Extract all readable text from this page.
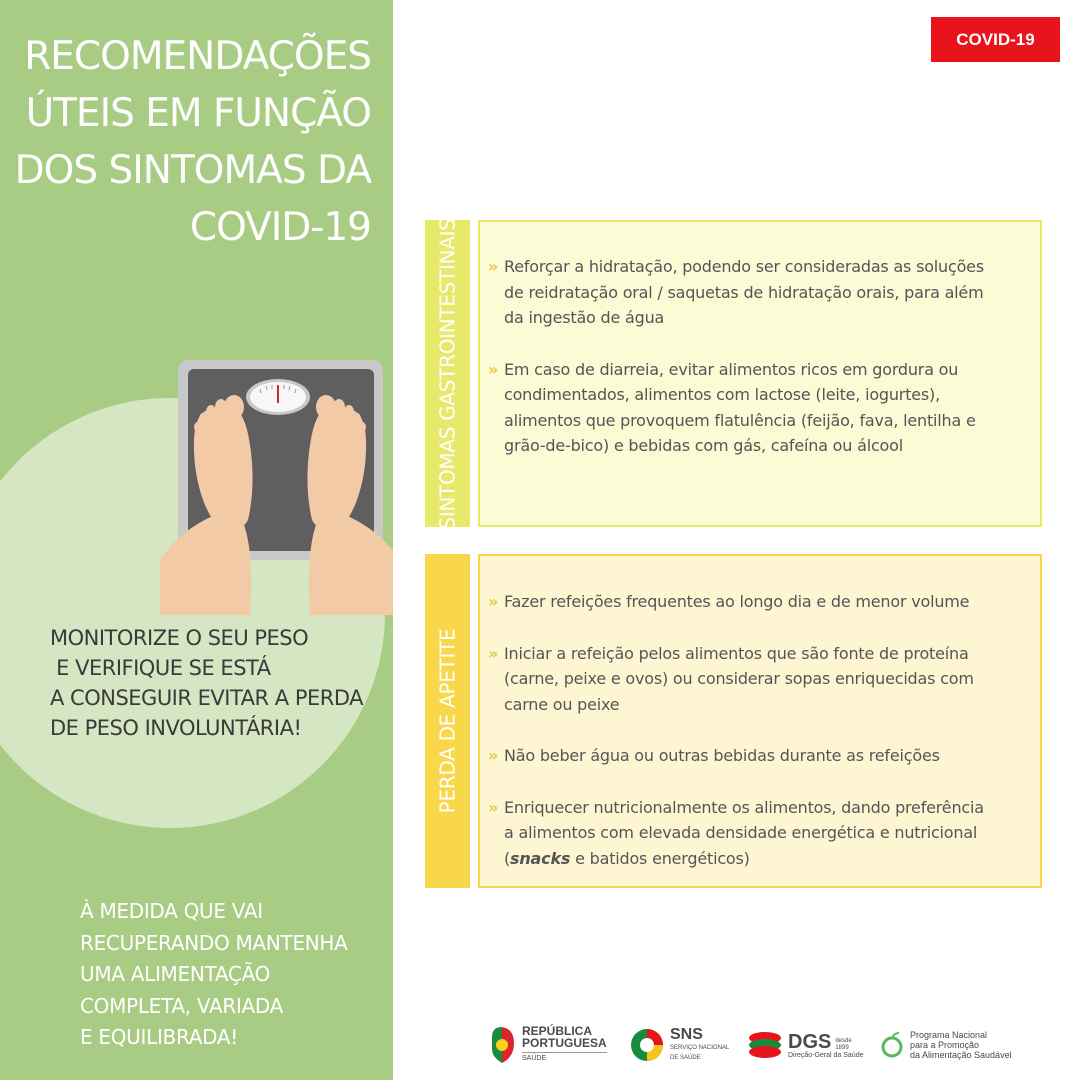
RECOMENDAÇÕES
ÚTEIS EM FUNÇÃO
DOS SINTOMAS DA
COVID-19
MONITORIZE O SEU PESO
E VERIFIQUE SE ESTÁ
A CONSEGUIR EVITAR A PERDA
DE PESO INVOLUNTÁRIA!
À MEDIDA QUE VAI
RECUPERANDO MANTENHA
UMA ALIMENTAÇÃO
COMPLETA, VARIADA
E EQUILIBRADA!
COVID-19
SINTOMAS GASTROINTESTINAIS » Reforçar a hidratação, podendo ser consideradas as soluções
de reidratação oral / saquetas de hidratação orais, para além
da ingestão de água
» Em caso de diarreia, evitar alimentos ricos em gordura ou
condimentados, alimentos com lactose (leite, iogurtes),
alimentos que provoquem flatulência (feijão, fava, lentilha e
grão-de-bico) e bebidas com gás, cafeína ou álcool
PERDA DE APETITE
» Fazer refeições frequentes ao longo dia e de menor volume
» Iniciar a refeição pelos alimentos que são fonte de proteína
(carne, peixe e ovos) ou considerar sopas enriquecidas com
carne ou peixe
» Não beber água ou outras bebidas durante as refeições
» Enriquecer nutricionalmente os alimentos, dando preferência
a alimentos com elevada densidade energética e nutricional
(snacks e batidos energéticos)
REPÚBLICA
PORTUGUESA
SAÚDE
SNS
SERVIÇO NACIONAL
DE SAÚDE
DGS desde
1899
Direção-Geral da Saúde
Programa Nacional
para a Promoção
da Alimentação Saudável
